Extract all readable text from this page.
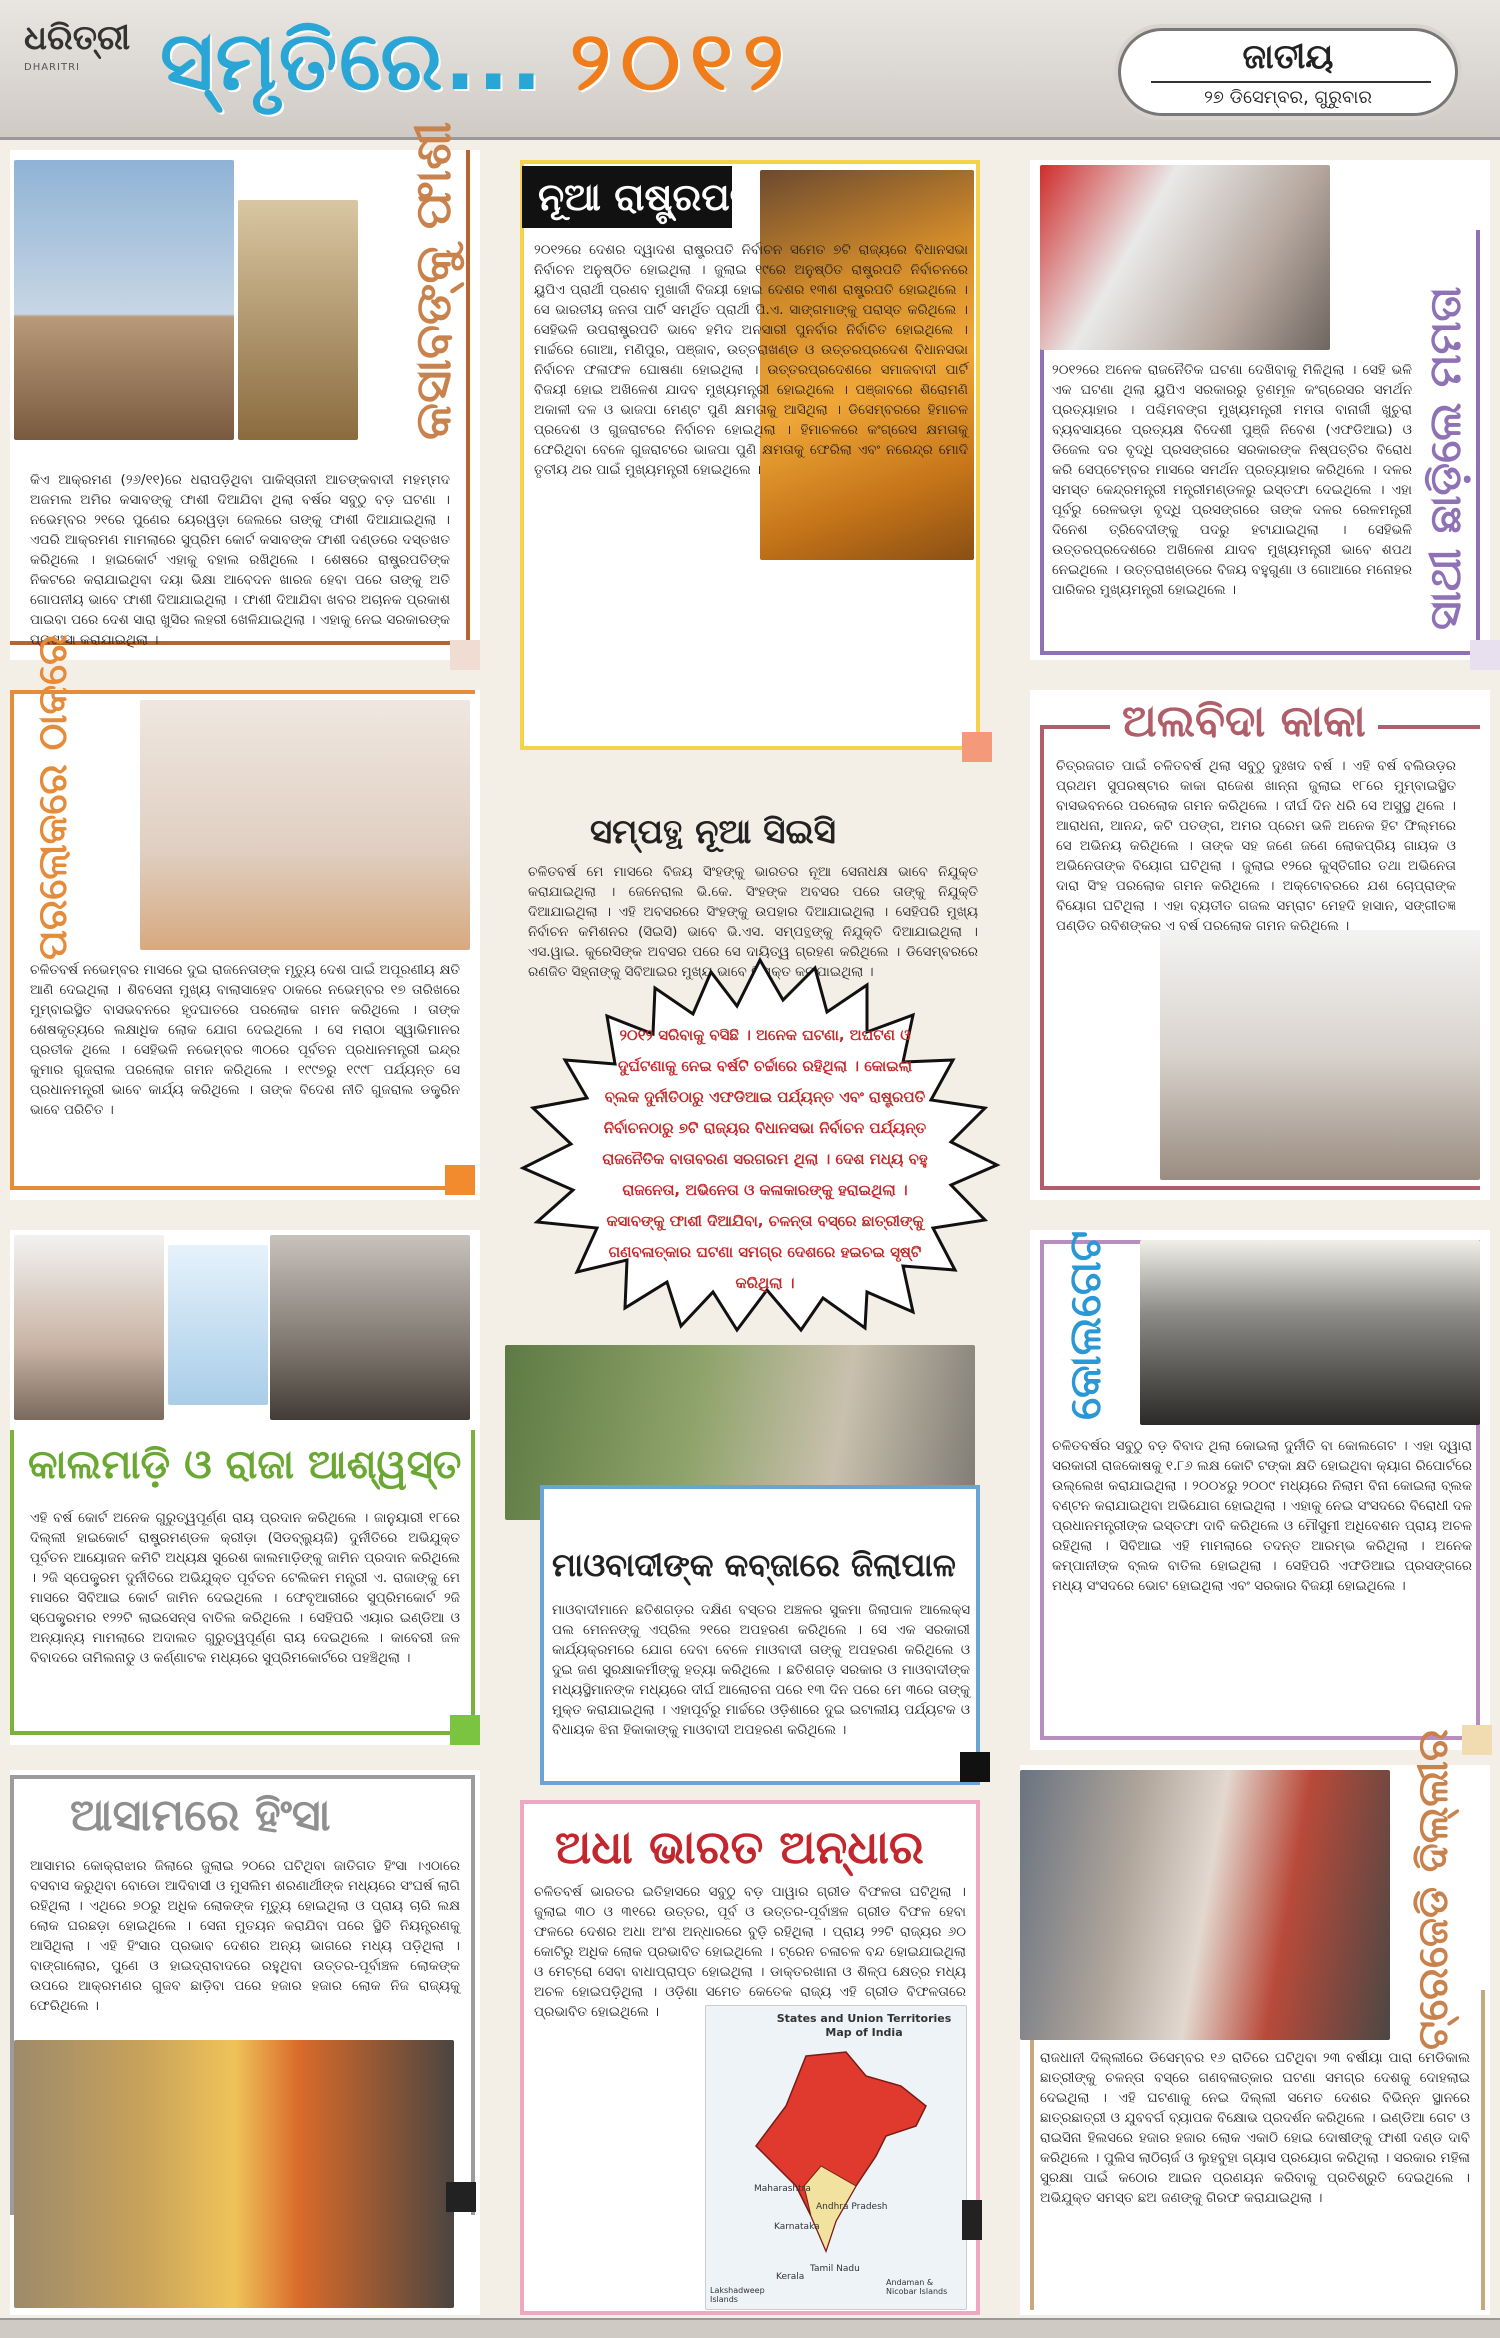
ଧରିତ୍ରୀ
DHARITRI ସ୍ମୃତିରେ... ୨୦୧୨	ଜାତୀୟ
୨୭ ଡିସେମ୍ବର, ଗୁରୁବାର
କସାବଙ୍କୁ ଫାଶୀ
କିଏ ଆକ୍ରମଣ (୨୬/୧୧)ରେ ଧରାପଡ଼ିଥିବା ପାକିସ୍ତାନୀ ଆତଙ୍କବାଦୀ ମହମ୍ମଦ ଅଜମଲ ଅମିର କସାବଙ୍କୁ ଫାଶୀ ଦିଆଯିବା ଥିଲା ବର୍ଷର ସବୁଠୁ ବଡ଼ ଘଟଣା । ନଭେମ୍ବର ୨୧ରେ ପୁଣେର ୟେରୱଡ଼ା ଜେଲରେ ତାଙ୍କୁ ଫାଶୀ ଦିଆଯାଇଥିଲା । ଏପରି ଆକ୍ରମଣ ମାମଲାରେ ସୁପ୍ରିମ କୋର୍ଟ କସାବଙ୍କ ଫାଶୀ ଦଣ୍ଡରେ ଦସ୍ତଖତ କରିଥିଲେ । ହାଇକୋର୍ଟ ଏହାକୁ ବହାଲ ରଖିଥିଲେ । ଶେଷରେ ରାଷ୍ଟ୍ରପତିଙ୍କ ନିକଟରେ କରାଯାଇଥିବା ଦୟା ଭିକ୍ଷା ଆବେଦନ ଖାରଜ ହେବା ପରେ ତାଙ୍କୁ ଅତି ଗୋପନୀୟ ଭାବେ ଫାଶୀ ଦିଆଯାଇଥିଲା । ଫାଶୀ ଦିଆଯିବା ଖବର ଅଚାନକ ପ୍ରକାଶ ପାଇବା ପରେ ଦେଶ ସାରା ଖୁସିର ଲହରୀ ଖେଳିଯାଇଥିଲା । ଏହାକୁ ନେଇ ସରକାରଙ୍କ ପ୍ରଶଂସା କରାଯାଇଥିଲା ।
ନୂଆ ରାଷ୍ଟ୍ରପତି
୨୦୧୨ରେ ଦେଶର ଦ୍ୱାଦଶ ରାଷ୍ଟ୍ରପତି ନିର୍ବାଚନ ସମେତ ୭ଟି ରାଜ୍ୟରେ ବିଧାନସଭା ନିର୍ବାଚନ ଅନୁଷ୍ଠିତ ହୋଇଥିଲା । ଜୁଲାଇ ୧୯ରେ ଅନୁଷ୍ଠିତ ରାଷ୍ଟ୍ରପତି ନିର୍ବାଚନରେ ୟୁପିଏ ପ୍ରାର୍ଥୀ ପ୍ରଣବ ମୁଖାର୍ଜୀ ବିଜୟୀ ହୋଇ ଦେଶର ୧୩ଶ ରାଷ୍ଟ୍ରପତି ହୋଇଥିଲେ । ସେ ଭାରତୀୟ ଜନତା ପାର୍ଟି ସମର୍ଥିତ ପ୍ରାର୍ଥୀ ପି.ଏ. ସାଙ୍ଗମାଙ୍କୁ ପରାସ୍ତ କରିଥିଲେ । ସେହିଭଳି ଉପରାଷ୍ଟ୍ରପତି ଭାବେ ହମିଦ ଅନସାରୀ ପୁନର୍ବାର ନିର୍ବାଚିତ ହୋଇଥିଲେ । ମାର୍ଚ୍ଚରେ ଗୋଆ, ମଣିପୁର, ପଞ୍ଜାବ, ଉତ୍ତରାଖଣ୍ଡ ଓ ଉତ୍ତରପ୍ରଦେଶ ବିଧାନସଭା ନିର୍ବାଚନ ଫଳାଫଳ ଘୋଷଣା ହୋଇଥିଲା । ଉତ୍ତରପ୍ରଦେଶରେ ସମାଜବାଦୀ ପାର୍ଟି ବିଜୟୀ ହୋଇ ଅଖିଳେଶ ଯାଦବ ମୁଖ୍ୟମନ୍ତ୍ରୀ ହୋଇଥିଲେ । ପଞ୍ଜାବରେ ଶିରୋମଣି ଅକାଳୀ ଦଳ ଓ ଭାଜପା ମେଣ୍ଟ ପୁଣି କ୍ଷମତାକୁ ଆସିଥିଲା । ଡିସେମ୍ବରରେ ହିମାଚଳ ପ୍ରଦେଶ ଓ ଗୁଜରାଟରେ ନିର୍ବାଚନ ହୋଇଥିଲା । ହିମାଚଳରେ କଂଗ୍ରେସ କ୍ଷମତାକୁ ଫେରିଥିବା ବେଳେ ଗୁଜରାଟରେ ଭାଜପା ପୁଣି କ୍ଷମତାକୁ ଫେରିଲା ଏବଂ ନରେନ୍ଦ୍ର ମୋଦି ତୃତୀୟ ଥର ପାଇଁ ମୁଖ୍ୟମନ୍ତ୍ରୀ ହୋଇଥିଲେ ।	ସାଥୀ ଛାଡ଼ିଲେ ମମତା
୨୦୧୨ରେ ଅନେକ ରାଜନୈତିକ ଘଟଣା ଦେଖିବାକୁ ମିଳିଥିଲା । ସେହି ଭଳି ଏକ ଘଟଣା ଥିଲା ୟୁପିଏ ସରକାରରୁ ତୃଣମୂଳ କଂଗ୍ରେସର ସମର୍ଥନ ପ୍ରତ୍ୟାହାର । ପଶ୍ଚିମବଙ୍ଗ ମୁଖ୍ୟମନ୍ତ୍ରୀ ମମତା ବାନାର୍ଜୀ ଖୁଚୁରା ବ୍ୟବସାୟରେ ପ୍ରତ୍ୟକ୍ଷ ବିଦେଶୀ ପୁଞ୍ଜି ନିବେଶ (ଏଫଡିଆଇ) ଓ ଡିଜେଲ ଦର ବୃଦ୍ଧି ପ୍ରସଙ୍ଗରେ ସରକାରଙ୍କ ନିଷ୍ପତ୍ତିର ବିରୋଧ କରି ସେପ୍ଟେମ୍ବର ମାସରେ ସମର୍ଥନ ପ୍ରତ୍ୟାହାର କରିଥିଲେ । ଦଳର ସମସ୍ତ କେନ୍ଦ୍ରମନ୍ତ୍ରୀ ମନ୍ତ୍ରୀମଣ୍ଡଳରୁ ଇସ୍ତଫା ଦେଇଥିଲେ । ଏହା ପୂର୍ବରୁ ରେଳଭଡ଼ା ବୃଦ୍ଧି ପ୍ରସଙ୍ଗରେ ତାଙ୍କ ଦଳର ରେଳମନ୍ତ୍ରୀ ଦିନେଶ ତ୍ରିବେଦୀଙ୍କୁ ପଦରୁ ହଟାଯାଇଥିଲା । ସେହିଭଳି ଉତ୍ତରପ୍ରଦେଶରେ ଅଖିଳେଶ ଯାଦବ ମୁଖ୍ୟମନ୍ତ୍ରୀ ଭାବେ ଶପଥ ନେଇଥିଲେ । ଉତ୍ତରାଖଣ୍ଡରେ ବିଜୟ ବହୁଗୁଣା ଓ ଗୋଆରେ ମନୋହର ପାରିକର ମୁଖ୍ୟମନ୍ତ୍ରୀ ହୋଇଥିଲେ ।
ପରଲୋକରେ ଠାକରେ
ଚଳିତବର୍ଷ ନଭେମ୍ବର ମାସରେ ଦୁଇ ରାଜନେତାଙ୍କ ମୃତ୍ୟୁ ଦେଶ ପାଇଁ ଅପୂରଣୀୟ କ୍ଷତି ଆଣି ଦେଇଥିଲା । ଶିବସେନା ମୁଖ୍ୟ ବାଲାସାହେବ ଠାକରେ ନଭେମ୍ବର ୧୭ ତାରିଖରେ ମୁମ୍ବାଇସ୍ଥିତ ବାସଭବନରେ ହୃଦଘାତରେ ପରଲୋକ ଗମନ କରିଥିଲେ । ତାଙ୍କ ଶେଷକୃତ୍ୟରେ ଲକ୍ଷାଧିକ ଲୋକ ଯୋଗ ଦେଇଥିଲେ । ସେ ମରାଠା ସ୍ୱାଭିମାନର ପ୍ରତୀକ ଥିଲେ । ସେହିଭଳି ନଭେମ୍ବର ୩୦ରେ ପୂର୍ବତନ ପ୍ରଧାନମନ୍ତ୍ରୀ ଇନ୍ଦ୍ର କୁମାର ଗୁଜରାଲ ପରଲୋକ ଗମନ କରିଥିଲେ । ୧୯୯୭ରୁ ୧୯୯୮ ପର୍ଯ୍ୟନ୍ତ ସେ ପ୍ରଧାନମନ୍ତ୍ରୀ ଭାବେ କାର୍ଯ୍ୟ କରିଥିଲେ । ତାଙ୍କ ବିଦେଶ ନୀତି ଗୁଜରାଲ ଡକ୍ଟ୍ରିନ ଭାବେ ପରିଚିତ ।
ସମ୍ପତ୍ଥ ନୂଆ ସିଇସି
ଚଳିତବର୍ଷ ମେ ମାସରେ ବିଜୟ ସିଂହଙ୍କୁ ଭାରତର ନୂଆ ସେନାଧକ୍ଷ ଭାବେ ନିଯୁକ୍ତ କରାଯାଇଥିଲା । ଜେନେରାଲ ଭି.କେ. ସିଂହଙ୍କ ଅବସର ପରେ ତାଙ୍କୁ ନିଯୁକ୍ତି ଦିଆଯାଇଥିଲା । ଏହି ଅବସରରେ ସିଂହଙ୍କୁ ଉପହାର ଦିଆଯାଇଥିଲା । ସେହିପରି ମୁଖ୍ୟ ନିର୍ବାଚନ କମିଶନର (ସିଇସି) ଭାବେ ଭି.ଏସ. ସମ୍ପତ୍ଥଙ୍କୁ ନିଯୁକ୍ତି ଦିଆଯାଇଥିଲା । ଏସ.ୱାଇ. କୁରେସିଙ୍କ ଅବସର ପରେ ସେ ଦାୟିତ୍ୱ ଗ୍ରହଣ କରିଥିଲେ । ଡିସେମ୍ବରରେ ରଣଜିତ ସିହ୍ନାଙ୍କୁ ସିବିଆଇର ମୁଖ୍ୟ ଭାବେ ନିଯୁକ୍ତ କରାଯାଇଥିଲା ।
୨୦୧୨ ସରିବାକୁ ବସିଛି । ଅନେକ ଘଟଣା, ଅଘଟଣ ଓ ଦୁର୍ଘଟଣାକୁ ନେଇ ବର୍ଷଟି ଚର୍ଚ୍ଚାରେ ରହିଥିଲା । କୋଇଲା ବ୍ଲକ ଦୁର୍ନୀତିଠାରୁ ଏଫଡିଆଇ ପର୍ଯ୍ୟନ୍ତ ଏବଂ ରାଷ୍ଟ୍ରପତି ନିର୍ବାଚନଠାରୁ ୭ଟି ରାଜ୍ୟର ବିଧାନସଭା ନିର୍ବାଚନ ପର୍ଯ୍ୟନ୍ତ ରାଜନୈତିକ ବାତାବରଣ ସରଗରମ ଥିଲା । ଦେଶ ମଧ୍ୟ ବହୁ ରାଜନେତା, ଅଭିନେତା ଓ କଳାକାରଙ୍କୁ ହରାଇଥିଲା । କସାବଙ୍କୁ ଫାଶୀ ଦିଆଯିବା, ଚଳନ୍ତା ବସ୍‌ରେ ଛାତ୍ରୀଙ୍କୁ ଗଣବଳାତ୍କାର ଘଟଣା ସମଗ୍ର ଦେଶରେ ହଇଚଇ ସୃଷ୍ଟି କରିଥିଲା ।
ଅଲବିଦା କାକା
ଚିତ୍ରଜଗତ ପାଇଁ ଚଳିତବର୍ଷ ଥିଲା ସବୁଠୁ ଦୁଃଖଦ ବର୍ଷ । ଏହି ବର୍ଷ ବଲିଉଡ଼ର ପ୍ରଥମ ସୁପରଷ୍ଟାର କାକା ରାଜେଶ ଖାନ୍ନା ଜୁଲାଇ ୧୮ରେ ମୁମ୍ବାଇସ୍ଥିତ ବାସଭବନରେ ପରଲୋକ ଗମନ କରିଥିଲେ । ଦୀର୍ଘ ଦିନ ଧରି ସେ ଅସୁସ୍ଥ ଥିଲେ । ଆରାଧନା, ଆନନ୍ଦ, କଟି ପତଙ୍ଗ, ଅମର ପ୍ରେମ ଭଳି ଅନେକ ହିଟ ଫିଲ୍ମରେ ସେ ଅଭିନୟ କରିଥିଲେ । ତାଙ୍କ ସହ ଜଣେ ଜଣେ ଲୋକପ୍ରିୟ ଗାୟକ ଓ ଅଭିନେତାଙ୍କ ବିୟୋଗ ଘଟିଥିଲା । ଜୁଲାଇ ୧୨ରେ କୁସ୍ତିଗୀର ତଥା ଅଭିନେତା ଦାରା ସିଂହ ପରଲୋକ ଗମନ କରିଥିଲେ । ଅକ୍ଟୋବରରେ ଯଶ ଚୋପ୍ରାଙ୍କ ବିୟୋଗ ଘଟିଥିଲା । ଏହା ବ୍ୟତୀତ ଗଜଲ ସମ୍ରାଟ ମେହଦି ହାସାନ, ସଙ୍ଗୀତଜ୍ଞ ପଣ୍ଡିତ ରବିଶଙ୍କର ଏ ବର୍ଷ ପରଲୋକ ଗମନ କରିଥିଲେ ।
କାଲମାଡ଼ି ଓ ରାଜା ଆଶ୍ୱସ୍ତ
ଏହି ବର୍ଷ କୋର୍ଟ ଅନେକ ଗୁରୁତ୍ୱପୂର୍ଣ୍ଣ ରାୟ ପ୍ରଦାନ କରିଥିଲେ । ଜାନୁୟାରୀ ୧୮ରେ ଦିଲ୍ଲୀ ହାଇକୋର୍ଟ ରାଷ୍ଟ୍ରମଣ୍ଡଳ କ୍ରୀଡ଼ା (ସିଡବ୍ଲ୍ୟୁଜି) ଦୁର୍ନୀତିରେ ଅଭିଯୁକ୍ତ ପୂର୍ବତନ ଆୟୋଜନ କମିଟି ଅଧ୍ୟକ୍ଷ ସୁରେଶ କାଲମାଡ଼ିଙ୍କୁ ଜାମିନ ପ୍ରଦାନ କରିଥିଲେ । ୨ଜି ସ୍ପେକ୍ଟ୍ରମ ଦୁର୍ନୀତିରେ ଅଭିଯୁକ୍ତ ପୂର୍ବତନ ଟେଲିକମ ମନ୍ତ୍ରୀ ଏ. ରାଜାଙ୍କୁ ମେ ମାସରେ ସିବିଆଇ କୋର୍ଟ ଜାମିନ ଦେଇଥିଲେ । ଫେବୃଆରୀରେ ସୁପ୍ରିମକୋର୍ଟ ୨ଜି ସ୍ପେକ୍ଟ୍ରମର ୧୨୨ଟି ଲାଇସେନ୍ସ ବାତିଲ କରିଥିଲେ । ସେହିପରି ଏୟାର ଇଣ୍ଡିଆ ଓ ଅନ୍ୟାନ୍ୟ ମାମଲାରେ ଅଦାଲତ ଗୁରୁତ୍ୱପୂର୍ଣ୍ଣ ରାୟ ଦେଇଥିଲେ । କାବେରୀ ଜଳ ବିବାଦରେ ତାମିଲନାଡୁ ଓ କର୍ଣ୍ଣାଟକ ମଧ୍ୟରେ ସୁପ୍ରିମକୋର୍ଟରେ ପହଞ୍ଚିଥିଲା ।
ମାଓବାଦୀଙ୍କ କବ୍‌ଜାରେ ଜିଲାପାଳ
ମାଓବାଦୀମାନେ ଛତିଶଗଡ଼ର ଦକ୍ଷିଣ ବସ୍ତର ଅଞ୍ଚଳର ସୁକମା ଜିଲାପାଳ ଆଲେକ୍ସ ପଲ ମେନନଙ୍କୁ ଏପ୍ରିଲ ୨୧ରେ ଅପହରଣ କରିଥିଲେ । ସେ ଏକ ସରକାରୀ କାର୍ଯ୍ୟକ୍ରମରେ ଯୋଗ ଦେବା ବେଳେ ମାଓବାଦୀ ତାଙ୍କୁ ଅପହରଣ କରିଥିଲେ ଓ ଦୁଇ ଜଣ ସୁରକ୍ଷାକର୍ମୀଙ୍କୁ ହତ୍ୟା କରିଥିଲେ । ଛତିଶଗଡ଼ ସରକାର ଓ ମାଓବାଦୀଙ୍କ ମଧ୍ୟସ୍ଥିମାନଙ୍କ ମଧ୍ୟରେ ଦୀର୍ଘ ଆଲୋଚନା ପରେ ୧୩ ଦିନ ପରେ ମେ ୩ରେ ତାଙ୍କୁ ମୁକ୍ତ କରାଯାଇଥିଲା । ଏହାପୂର୍ବରୁ ମାର୍ଚ୍ଚରେ ଓଡ଼ିଶାରେ ଦୁଇ ଇଟାଲୀୟ ପର୍ଯ୍ୟଟକ ଓ ବିଧାୟକ ଝିନା ହିକାକାଙ୍କୁ ମାଓବାଦୀ ଅପହରଣ କରିଥିଲେ ।
କୋଲଗେଟ
ଚଳିତବର୍ଷର ସବୁଠୁ ବଡ଼ ବିବାଦ ଥିଲା କୋଇଲା ଦୁର୍ନୀତି ବା କୋଲଗେଟ । ଏହା ଦ୍ୱାରା ସରକାରୀ ରାଜକୋଷକୁ ୧.୮୬ ଲକ୍ଷ କୋଟି ଟଙ୍କା କ୍ଷତି ହୋଇଥିବା କ୍ୟାଗ ରିପୋର୍ଟରେ ଉଲ୍ଲେଖ କରାଯାଇଥିଲା । ୨୦୦୪ରୁ ୨୦୦୯ ମଧ୍ୟରେ ନିଲାମ ବିନା କୋଇଲା ବ୍ଲକ ବଣ୍ଟନ କରାଯାଇଥିବା ଅଭିଯୋଗ ହୋଇଥିଲା । ଏହାକୁ ନେଇ ସଂସଦରେ ବିରୋଧୀ ଦଳ ପ୍ରଧାନମନ୍ତ୍ରୀଙ୍କ ଇସ୍ତଫା ଦାବି କରିଥିଲେ ଓ ମୌସୁମୀ ଅଧିବେଶନ ପ୍ରାୟ ଅଚଳ ରହିଥିଲା । ସିବିଆଇ ଏହି ମାମଲାରେ ତଦନ୍ତ ଆରମ୍ଭ କରିଥିଲା । ଅନେକ କମ୍ପାନୀଙ୍କ ବ୍ଲକ ବାତିଲ ହୋଇଥିଲା । ସେହିପରି ଏଫଡିଆଇ ପ୍ରସଙ୍ଗରେ ମଧ୍ୟ ସଂସଦରେ ଭୋଟ ହୋଇଥିଲା ଏବଂ ସରକାର ବିଜୟୀ ହୋଇଥିଲେ ।
ଆସାମରେ ହିଂସା
ଆସାମର କୋକ୍ରାଝାର ଜିଲାରେ ଜୁଲାଇ ୨୦ରେ ଘଟିଥିବା ଜାତିଗତ ହିଂସା ।ଏଠାରେ ବସବାସ କରୁଥିବା ବୋଡୋ ଆଦିବାସୀ ଓ ମୁସଲିମ ଶରଣାର୍ଥୀଙ୍କ ମଧ୍ୟରେ ସଂଘର୍ଷ ଲାଗି ରହିଥିଲା । ଏଥିରେ ୭୦ରୁ ଅଧିକ ଲୋକଙ୍କ ମୃତ୍ୟୁ ହୋଇଥିଲା ଓ ପ୍ରାୟ ଚାରି ଲକ୍ଷ ଲୋକ ଘରଛଡ଼ା ହୋଇଥିଲେ । ସେନା ମୁତୟନ କରାଯିବା ପରେ ସ୍ଥିତି ନିୟନ୍ତ୍ରଣକୁ ଆସିଥିଲା । ଏହି ହିଂସାର ପ୍ରଭାବ ଦେଶର ଅନ୍ୟ ଭାଗରେ ମଧ୍ୟ ପଡ଼ିଥିଲା । ବାଙ୍ଗାଲୋର, ପୁଣେ ଓ ହାଇଦ୍ରାବାଦରେ ରହୁଥିବା ଉତ୍ତର-ପୂର୍ବାଞ୍ଚଳ ଲୋକଙ୍କ ଉପରେ ଆକ୍ରମଣର ଗୁଜବ ଛାଡ଼ିବା ପରେ ହଜାର ହଜାର ଲୋକ ନିଜ ରାଜ୍ୟକୁ ଫେରିଥିଲେ ।
ଅଧା ଭାରତ ଅନ୍ଧାର
ଚଳିତବର୍ଷ ଭାରତର ଇତିହାସରେ ସବୁଠୁ ବଡ଼ ପାୱାର ଗ୍ରୀଡ ବିଫଳତା ଘଟିଥିଲା । ଜୁଲାଇ ୩୦ ଓ ୩୧ରେ ଉତ୍ତର, ପୂର୍ବ ଓ ଉତ୍ତର-ପୂର୍ବାଞ୍ଚଳ ଗ୍ରୀଡ ବିଫଳ ହେବା ଫଳରେ ଦେଶର ଅଧା ଅଂଶ ଅନ୍ଧାରରେ ବୁଡ଼ି ରହିଥିଲା । ପ୍ରାୟ ୨୨ଟି ରାଜ୍ୟର ୬୦ କୋଟିରୁ ଅଧିକ ଲୋକ ପ୍ରଭାବିତ ହୋଇଥିଲେ । ଟ୍ରେନ ଚଳାଚଳ ବନ୍ଦ ହୋଇଯାଇଥିଲା ଓ ମେଟ୍ରୋ ସେବା ବାଧାପ୍ରାପ୍ତ ହୋଇଥିଲା । ଡାକ୍ତରଖାନା ଓ ଶିଳ୍ପ କ୍ଷେତ୍ର ମଧ୍ୟ ଅଚଳ ହୋଇପଡ଼ିଥିଲା । ଓଡ଼ିଶା ସମେତ କେତେକ ରାଜ୍ୟ ଏହି ଗ୍ରୀଡ ବିଫଳତାରେ ପ୍ରଭାବିତ ହୋଇଥିଲେ ।	States and Union Territories Map of India
Maharashtra
Andhra Pradesh
Karnataka
Tamil Nadu
Kerala
Lakshadweep Islands
Andaman & Nicobar Islands
ଟ୍ରେଜେଡି ଦିଲ୍ଲୀର
ରାଜଧାନୀ ଦିଲ୍ଲୀରେ ଡିସେମ୍ବର ୧୬ ରାତିରେ ଘଟିଥିବା ୨୩ ବର୍ଷୀୟା ପାରା ମେଡିକାଲ ଛାତ୍ରୀଙ୍କୁ ଚଳନ୍ତା ବସ୍‌ରେ ଗଣବଳାତ୍କାର ଘଟଣା ସମଗ୍ର ଦେଶକୁ ଦୋହଲାଇ ଦେଇଥିଲା । ଏହି ଘଟଣାକୁ ନେଇ ଦିଲ୍ଲୀ ସମେତ ଦେଶର ବିଭିନ୍ନ ସ୍ଥାନରେ ଛାତ୍ରଛାତ୍ରୀ ଓ ଯୁବବର୍ଗ ବ୍ୟାପକ ବିକ୍ଷୋଭ ପ୍ରଦର୍ଶନ କରିଥିଲେ । ଇଣ୍ଡିଆ ଗେଟ ଓ ରାଇସିନା ହିଲସରେ ହଜାର ହଜାର ଲୋକ ଏକାଠି ହୋଇ ଦୋଷୀଙ୍କୁ ଫାଶୀ ଦଣ୍ଡ ଦାବି କରିଥିଲେ । ପୁଲିସ ଲାଠିଚାର୍ଜ ଓ ଲୁହବୁହା ଗ୍ୟାସ ପ୍ରୟୋଗ କରିଥିଲା । ସରକାର ମହିଳା ସୁରକ୍ଷା ପାଇଁ କଠୋର ଆଇନ ପ୍ରଣୟନ କରିବାକୁ ପ୍ରତିଶ୍ରୁତି ଦେଇଥିଲେ । ଅଭିଯୁକ୍ତ ସମସ୍ତ ଛଅ ଜଣଙ୍କୁ ଗିରଫ କରାଯାଇଥିଲା ।
